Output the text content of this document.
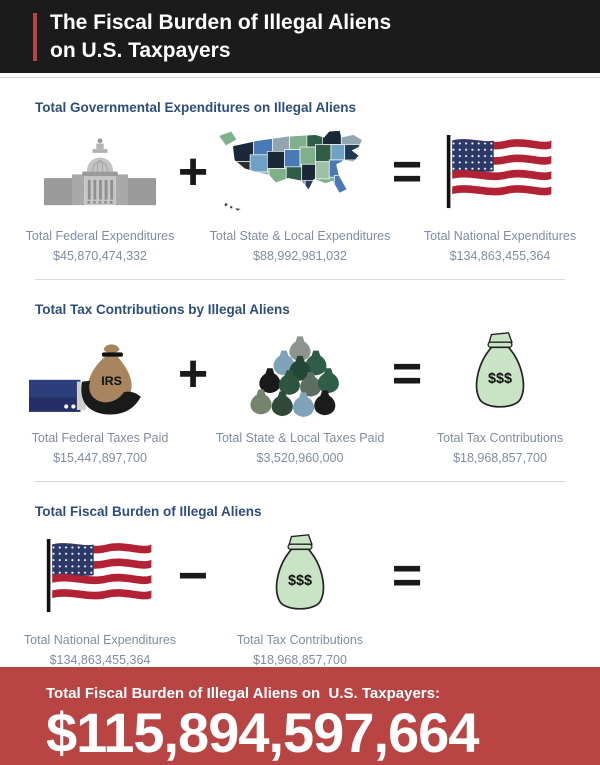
The Fiscal Burden of Illegal Aliens
on U.S. Taxpayers
Total Governmental Expenditures on Illegal Aliens
Total Federal Expenditures
$45,870,474,332
+
Total State & Local Expenditures
$88,992,981,032
=
Total National Expenditures
$134,863,455,364
Total Tax Contributions by Illegal Aliens
IRS
Total Federal Taxes Paid
$15,447,897,700
+
Total State & Local Taxes Paid
$3,520,960,000
=	$$$
Total Tax Contributions
$18,968,857,700
Total Fiscal Burden of Illegal Aliens
Total National Expenditures
$134,863,455,364
−	$$$
Total Tax Contributions
$18,968,857,700
=
Total Fiscal Burden of Illegal Aliens on  U.S. Taxpayers:
$115,894,597,664
